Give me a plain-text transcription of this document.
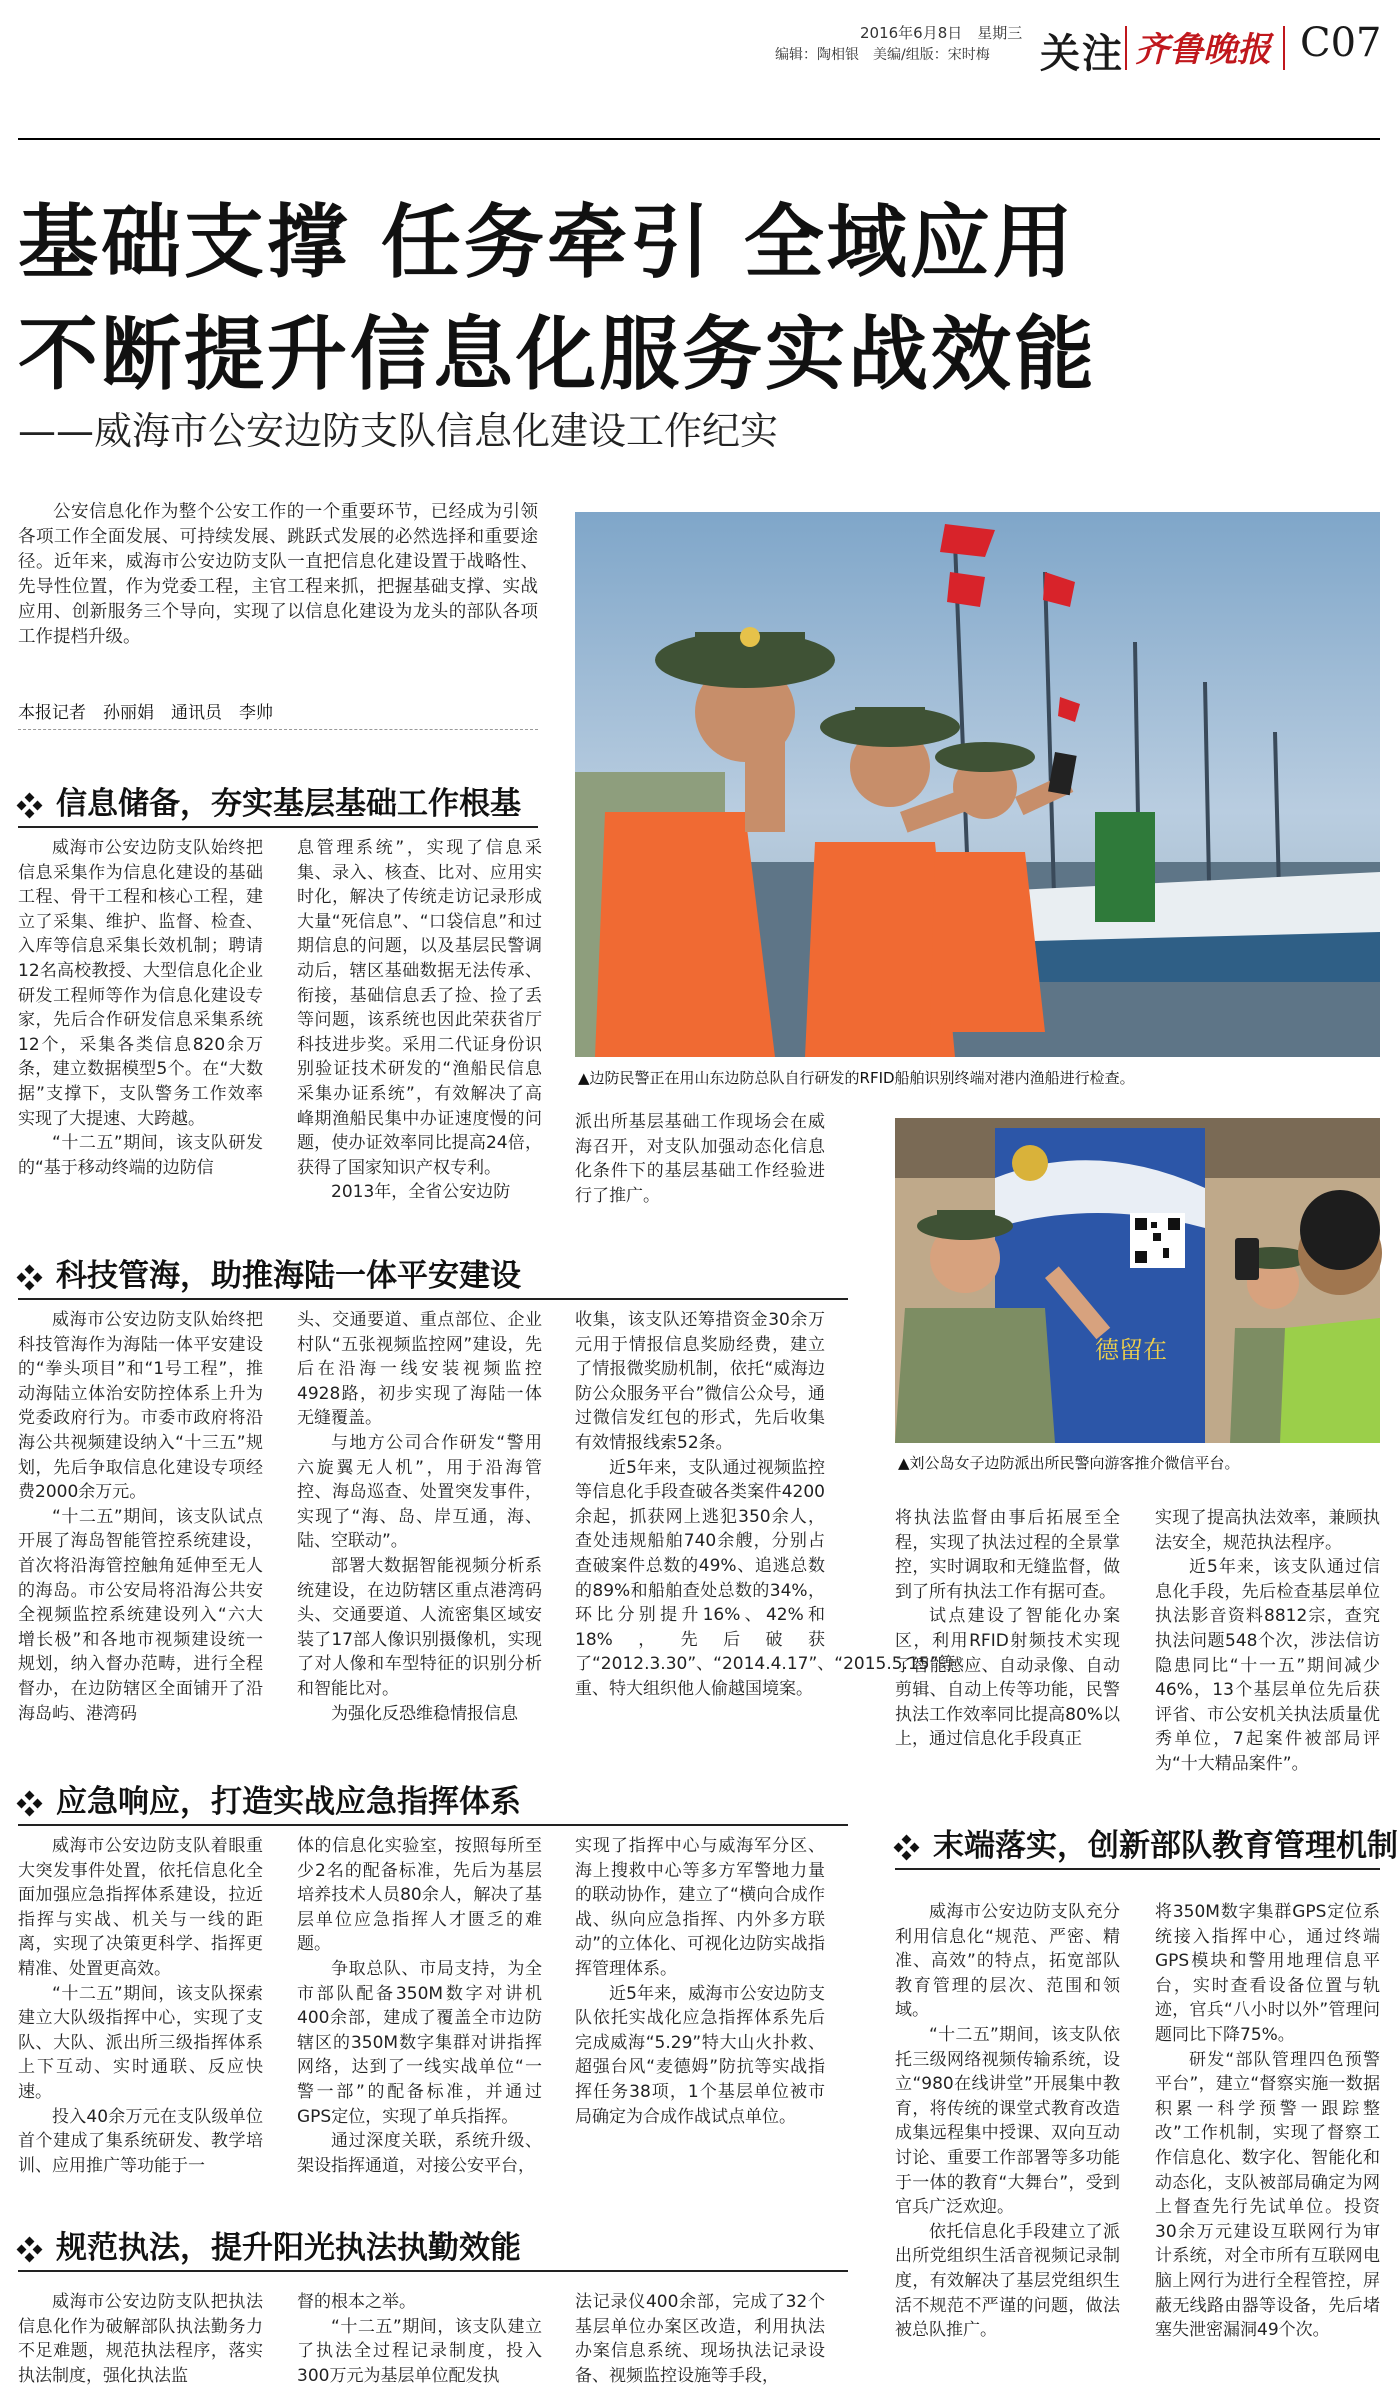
2016年6月8日　星期三
编辑：陶相银　美编/组版：宋时梅 关注 齐鲁晚报 C07
基础支撑 任务牵引 全域应用
不断提升信息化服务实战效能
——威海市公安边防支队信息化建设工作纪实
公安信息化作为整个公安工作的一个重要环节，已经成为引领各项工作全面发展、可持续发展、跳跃式发展的必然选择和重要途径。近年来，威海市公安边防支队一直把信息化建设置于战略性、先导性位置，作为党委工程，主官工程来抓，把握基础支撑、实战应用、创新服务三个导向，实现了以信息化建设为龙头的部队各项工作提档升级。
本报记者　孙丽娟　通讯员　李帅
▲边防民警正在用山东边防总队自行研发的RFID船舶识别终端对港内渔船进行检查。
德留在
▲刘公岛女子边防派出所民警向游客推介微信平台。
信息储备，夯实基层基础工作根基

威海市公安边防支队始终把信息采集作为信息化建设的基础工程、骨干工程和核心工程，建立了采集、维护、监督、检查、入库等信息采集长效机制；聘请12名高校教授、大型信息化企业研发工程师等作为信息化建设专家，先后合作研发信息采集系统12个，采集各类信息820余万条，建立数据模型5个。在“大数据”支撑下，支队警务工作效率实现了大提速、大跨越。

“十二五”期间，该支队研发的“基于移动终端的边防信

息管理系统”，实现了信息采集、录入、核查、比对、应用实时化，解决了传统走访记录形成大量“死信息”、“口袋信息”和过期信息的问题，以及基层民警调动后，辖区基础数据无法传承、衔接，基础信息丢了捡、捡了丢等问题，该系统也因此荣获省厅科技进步奖。采用二代证身份识别验证技术研发的“渔船民信息采集办证系统”，有效解决了高峰期渔船民集中办证速度慢的问题，使办证效率同比提高24倍，获得了国家知识产权专利。

2013年，全省公安边防

派出所基层基础工作现场会在威海召开，对支队加强动态化信息化条件下的基层基础工作经验进行了推广。

科技管海，助推海陆一体平安建设

威海市公安边防支队始终把科技管海作为海陆一体平安建设的“拳头项目”和“1号工程”，推动海陆立体治安防控体系上升为党委政府行为。市委市政府将沿海公共视频建设纳入“十三五”规划，先后争取信息化建设专项经费2000余万元。

“十二五”期间，该支队试点开展了海岛智能管控系统建设，首次将沿海管控触角延伸至无人的海岛。市公安局将沿海公共安全视频监控系统建设列入“六大增长极”和各地市视频建设统一规划，纳入督办范畴，进行全程督办，在边防辖区全面铺开了沿海岛屿、港湾码

头、交通要道、重点部位、企业村队“五张视频监控网”建设，先后在沿海一线安装视频监控4928路，初步实现了海陆一体无缝覆盖。

与地方公司合作研发“警用六旋翼无人机”，用于沿海管控、海岛巡查、处置突发事件，实现了“海、岛、岸互通，海、陆、空联动”。

部署大数据智能视频分析系统建设，在边防辖区重点港湾码头、交通要道、人流密集区域安装了17部人像识别摄像机，实现了对人像和车型特征的识别分析和智能比对。

为强化反恐维稳情报信息

收集，该支队还筹措资金30余万元用于情报信息奖励经费，建立了情报微奖励机制，依托“威海边防公众服务平台”微信公众号，通过微信发红包的形式，先后收集有效情报线索52条。

近5年来，支队通过视频监控等信息化手段查破各类案件4200余起，抓获网上逃犯350余人，查处违规船舶740余艘，分别占查破案件总数的49%、追逃总数的89%和船舶查处总数的34%，环比分别提升16%、42%和18%，先后破获了“2012.3.30”、“2014.4.17”、“2015.5.15”等重、特大组织他人偷越国境案。

将执法监督由事后拓展至全程，实现了执法过程的全景掌控，实时调取和无缝监督，做到了所有执法工作有据可查。

试点建设了智能化办案区，利用RFID射频技术实现了智能感应、自动录像、自动剪辑、自动上传等功能，民警执法工作效率同比提高80%以上，通过信息化手段真正

实现了提高执法效率，兼顾执法安全，规范执法程序。

近5年来，该支队通过信息化手段，先后检查基层单位执法影音资料8812宗，查究执法问题548个次，涉法信访隐患同比“十一五”期间减少46%，13个基层单位先后获评省、市公安机关执法质量优秀单位，7起案件被部局评为“十大精品案件”。

应急响应，打造实战应急指挥体系

威海市公安边防支队着眼重大突发事件处置，依托信息化全面加强应急指挥体系建设，拉近指挥与实战、机关与一线的距离，实现了决策更科学、指挥更精准、处置更高效。

“十二五”期间，该支队探索建立大队级指挥中心，实现了支队、大队、派出所三级指挥体系上下互动、实时通联、反应快速。

投入40余万元在支队级单位首个建成了集系统研发、教学培训、应用推广等功能于一

体的信息化实验室，按照每所至少2名的配备标准，先后为基层培养技术人员80余人，解决了基层单位应急指挥人才匮乏的难题。

争取总队、市局支持，为全市部队配备350M数字对讲机400余部，建成了覆盖全市边防辖区的350M数字集群对讲指挥网络，达到了一线实战单位“一警一部”的配备标准，并通过GPS定位，实现了单兵指挥。

通过深度关联，系统升级、架设指挥通道，对接公安平台，

实现了指挥中心与威海军分区、海上搜救中心等多方军警地力量的联动协作，建立了“横向合成作战、纵向应急指挥、内外多方联动”的立体化、可视化边防实战指挥管理体系。

近5年来，威海市公安边防支队依托实战化应急指挥体系先后完成威海“5.29”特大山火扑救、超强台风“麦德姆”防抗等实战指挥任务38项，1个基层单位被市局确定为合成作战试点单位。

末端落实，创新部队教育管理机制

威海市公安边防支队充分利用信息化“规范、严密、精准、高效”的特点，拓宽部队教育管理的层次、范围和领域。

“十二五”期间，该支队依托三级网络视频传输系统，设立“980在线讲堂”开展集中教育，将传统的课堂式教育改造成集远程集中授课、双向互动讨论、重要工作部署等多功能于一体的教育“大舞台”，受到官兵广泛欢迎。

依托信息化手段建立了派出所党组织生活音视频记录制度，有效解决了基层党组织生活不规范不严谨的问题，做法被总队推广。

将350M数字集群GPS定位系统接入指挥中心，通过终端GPS模块和警用地理信息平台，实时查看设备位置与轨迹，官兵“八小时以外”管理问题同比下降75%。

研发“部队管理四色预警平台”，建立“督察实施一数据积累一科学预警一跟踪整改”工作机制，实现了督察工作信息化、数字化、智能化和动态化，支队被部局确定为网上督查先行先试单位。投资30余万元建设互联网行为审计系统，对全市所有互联网电脑上网行为进行全程管控，屏蔽无线路由器等设备，先后堵塞失泄密漏洞49个次。

规范执法，提升阳光执法执勤效能

威海市公安边防支队把执法信息化作为破解部队执法勤务力不足难题，规范执法程序，落实执法制度，强化执法监

督的根本之举。

“十二五”期间，该支队建立了执法全过程记录制度，投入300万元为基层单位配发执

法记录仪400余部，完成了32个基层单位办案区改造，利用执法办案信息系统、现场执法记录设备、视频监控设施等手段，
